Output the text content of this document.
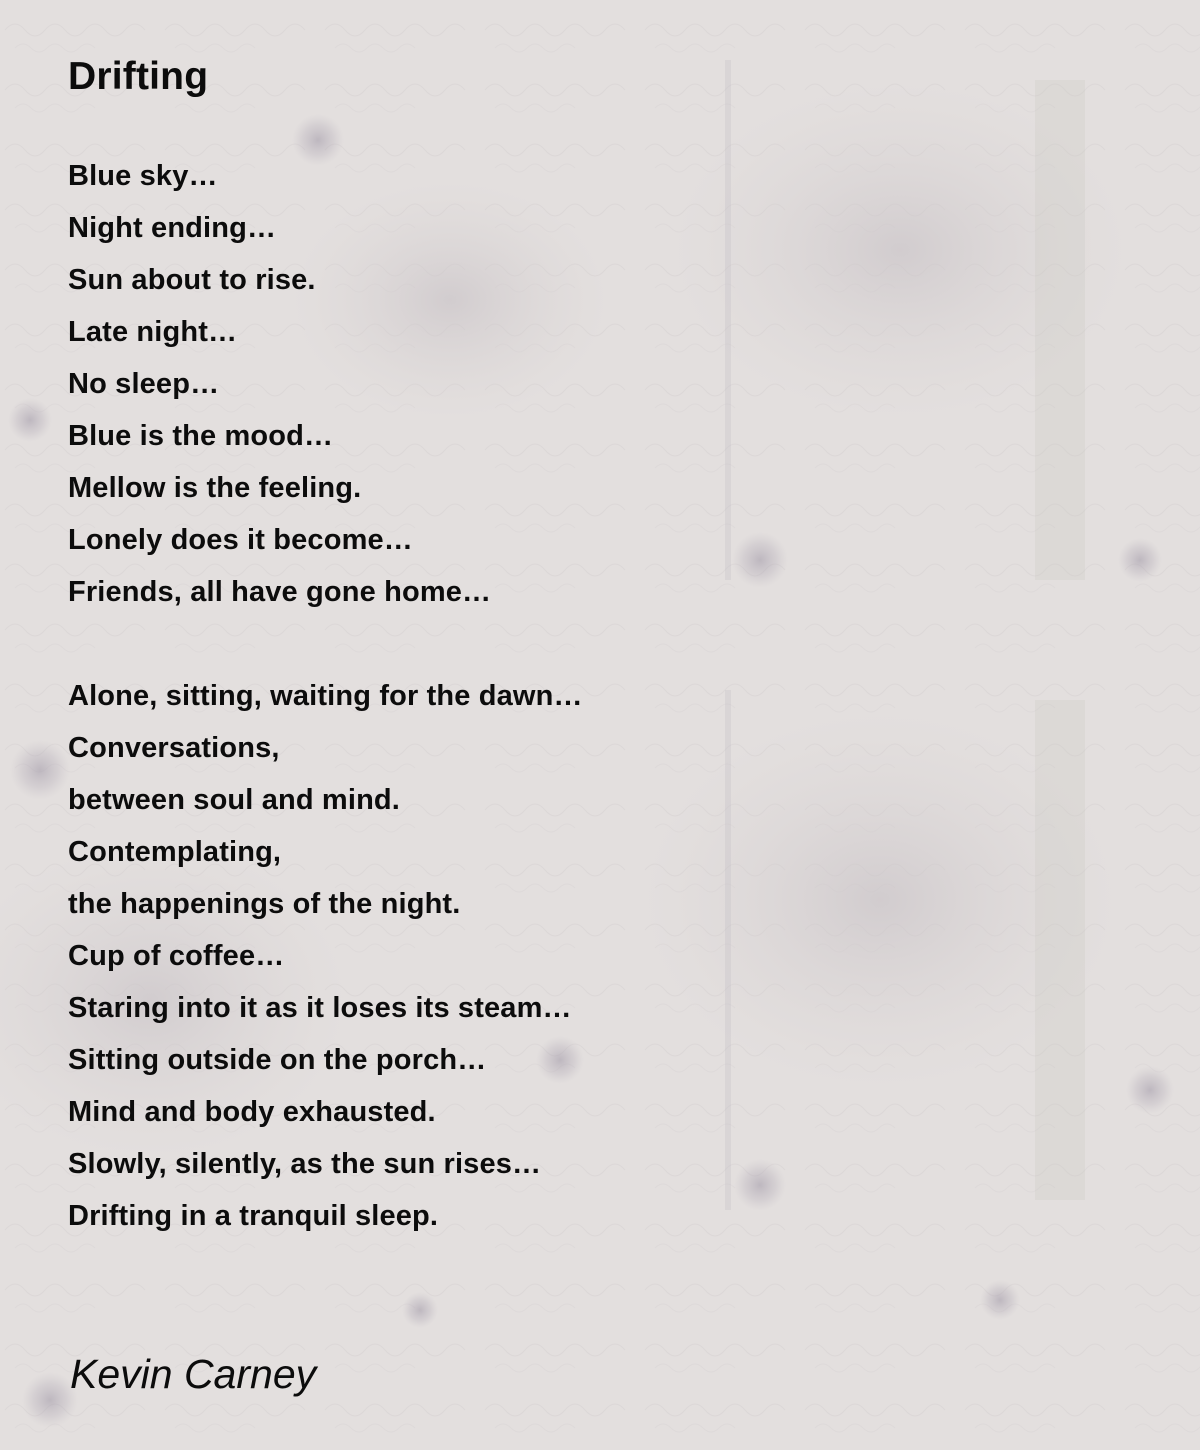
Drifting
Blue sky…
Night ending…
Sun about to rise.
Late night…
No sleep…
Blue is the mood…
Mellow is the feeling.
Lonely does it become…
Friends, all have gone home…
Alone, sitting, waiting for the dawn…
Conversations,
between soul and mind.
Contemplating,
the happenings of the night.
Cup of coffee…
Staring into it as it loses its steam…
Sitting outside on the porch…
Mind and body exhausted.
Slowly, silently, as the sun rises…
Drifting in a tranquil sleep.

Kevin Carney
